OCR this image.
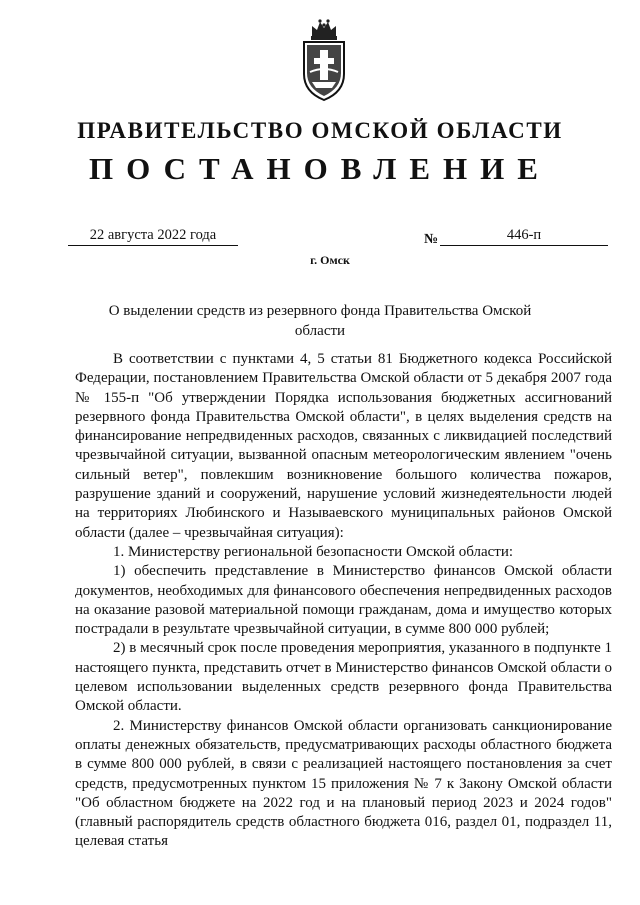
ПРАВИТЕЛЬСТВО ОМСКОЙ ОБЛАСТИ
ПОСТАНОВЛЕНИЕ
22 августа 2022 года	№	446-п
г. Омск
О выделении средств из резервного фонда Правительства Омской области

В соответствии с пунктами 4, 5 статьи 81 Бюджетного кодекса Российской Федерации, постановлением Правительства Омской области от 5 декабря 2007 года № 155-п "Об утверждении Порядка использования бюджетных ассигнований резервного фонда Правительства Омской области", в целях выделения средств на финансирование непредвиденных расходов, связанных с ликвидацией последствий чрезвычайной ситуации, вызванной опасным метеорологическим явлением "очень сильный ветер", повлекшим возникновение большого количества пожаров, разрушение зданий и сооружений, нарушение условий жизнедеятельности людей на территориях Любинского и Называевского муниципальных районов Омской области (далее – чрезвычайная ситуация):

1. Министерству региональной безопасности Омской области:

1) обеспечить представление в Министерство финансов Омской области документов, необходимых для финансового обеспечения непредвиденных расходов на оказание разовой материальной помощи гражданам, дома и имущество которых пострадали в результате чрезвычайной ситуации, в сумме 800 000 рублей;

2) в месячный срок после проведения мероприятия, указанного в подпункте 1 настоящего пункта, представить отчет в Министерство финансов Омской области о целевом использовании выделенных средств резервного фонда Правительства Омской области.

2. Министерству финансов Омской области организовать санкционирование оплаты денежных обязательств, предусматривающих расходы областного бюджета в сумме 800 000 рублей, в связи с реализацией настоящего постановления за счет средств, предусмотренных пунктом 15 приложения № 7 к Закону Омской области "Об областном бюджете на 2022 год и на плановый период 2023 и 2024 годов" (главный распорядитель средств областного бюджета 016, раздел 01, подраздел 11, целевая статья
